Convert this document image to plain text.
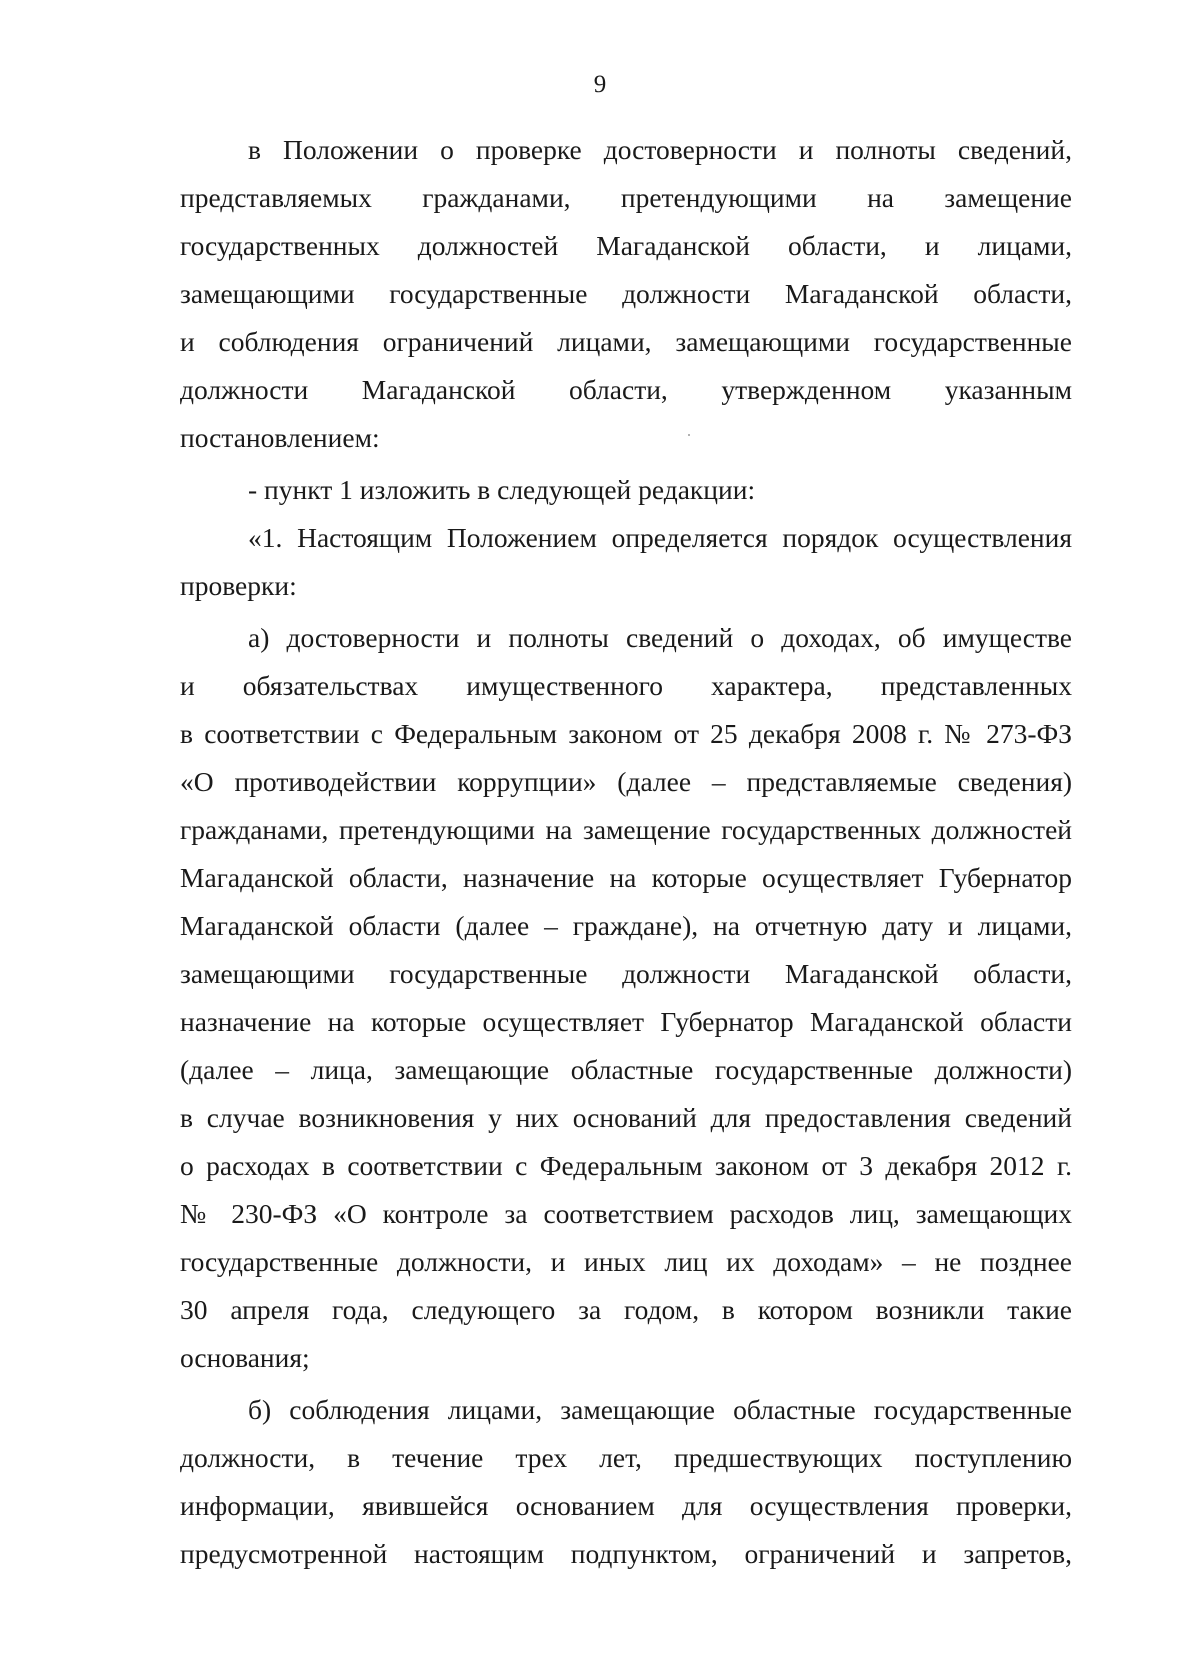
9
в Положении о проверке достоверности и полноты сведений,
представляемых гражданами, претендующими на замещение
государственных должностей Магаданской области, и лицами,
замещающими государственные должности Магаданской области,
и соблюдения ограничений лицами, замещающими государственные
должности Магаданской области, утвержденном указанным
постановлением:
- пункт 1 изложить в следующей редакции:
«1. Настоящим Положением определяется порядок осуществления
проверки:
а) достоверности и полноты сведений о доходах, об имуществе
и обязательствах имущественного характера, представленных
в соответствии с Федеральным законом от 25 декабря 2008 г. № 273-ФЗ
«О противодействии коррупции» (далее – представляемые сведения)
гражданами, претендующими на замещение государственных должностей
Магаданской области, назначение на которые осуществляет Губернатор
Магаданской области (далее – граждане), на отчетную дату и лицами,
замещающими государственные должности Магаданской области,
назначение на которые осуществляет Губернатор Магаданской области
(далее – лица, замещающие областные государственные должности)
в случае возникновения у них оснований для предоставления сведений
о расходах в соответствии с Федеральным законом от 3 декабря 2012 г.
№ 230-ФЗ «О контроле за соответствием расходов лиц, замещающих
государственные должности, и иных лиц их доходам» – не позднее
30 апреля года, следующего за годом, в котором возникли такие
основания;
б) соблюдения лицами, замещающие областные государственные
должности, в течение трех лет, предшествующих поступлению
информации, явившейся основанием для осуществления проверки,
предусмотренной настоящим подпунктом, ограничений и запретов,
